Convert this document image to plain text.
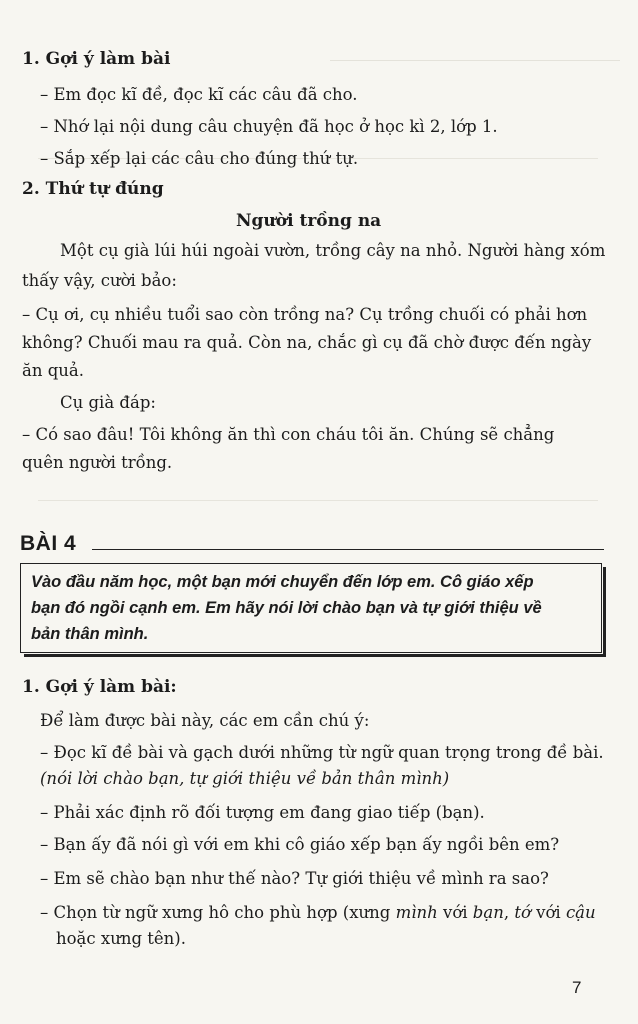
1. Gợi ý làm bài
– Em đọc kĩ đề, đọc kĩ các câu đã cho.
– Nhớ lại nội dung câu chuyện đã học ở học kì 2, lớp 1.
– Sắp xếp lại các câu cho đúng thứ tự.
2. Thứ tự đúng
Người trồng na
Một cụ già lúi húi ngoài vườn, trồng cây na nhỏ. Người hàng xóm
thấy vậy, cười bảo:
– Cụ ơi, cụ nhiều tuổi sao còn trồng na? Cụ trồng chuối có phải hơn
không? Chuối mau ra quả. Còn na, chắc gì cụ đã chờ được đến ngày
ăn quả.
Cụ già đáp:
– Có sao đâu! Tôi không ăn thì con cháu tôi ăn. Chúng sẽ chẳng
quên người trồng.
BÀI 4
Vào đầu năm học, một bạn mới chuyển đến lớp em. Cô giáo xếp
bạn đó ngồi cạnh em. Em hãy nói lời chào bạn và tự giới thiệu về
bản thân mình.
1. Gợi ý làm bài:
Để làm được bài này, các em cần chú ý:
– Đọc kĩ đề bài và gạch dưới những từ ngữ quan trọng trong đề bài.
(nói lời chào bạn, tự giới thiệu về bản thân mình)
– Phải xác định rõ đối tượng em đang giao tiếp (bạn).
– Bạn ấy đã nói gì với em khi cô giáo xếp bạn ấy ngồi bên em?
– Em sẽ chào bạn như thế nào? Tự giới thiệu về mình ra sao?
– Chọn từ ngữ xưng hô cho phù hợp (xưng mình với bạn, tớ với cậu
hoặc xưng tên).
7
